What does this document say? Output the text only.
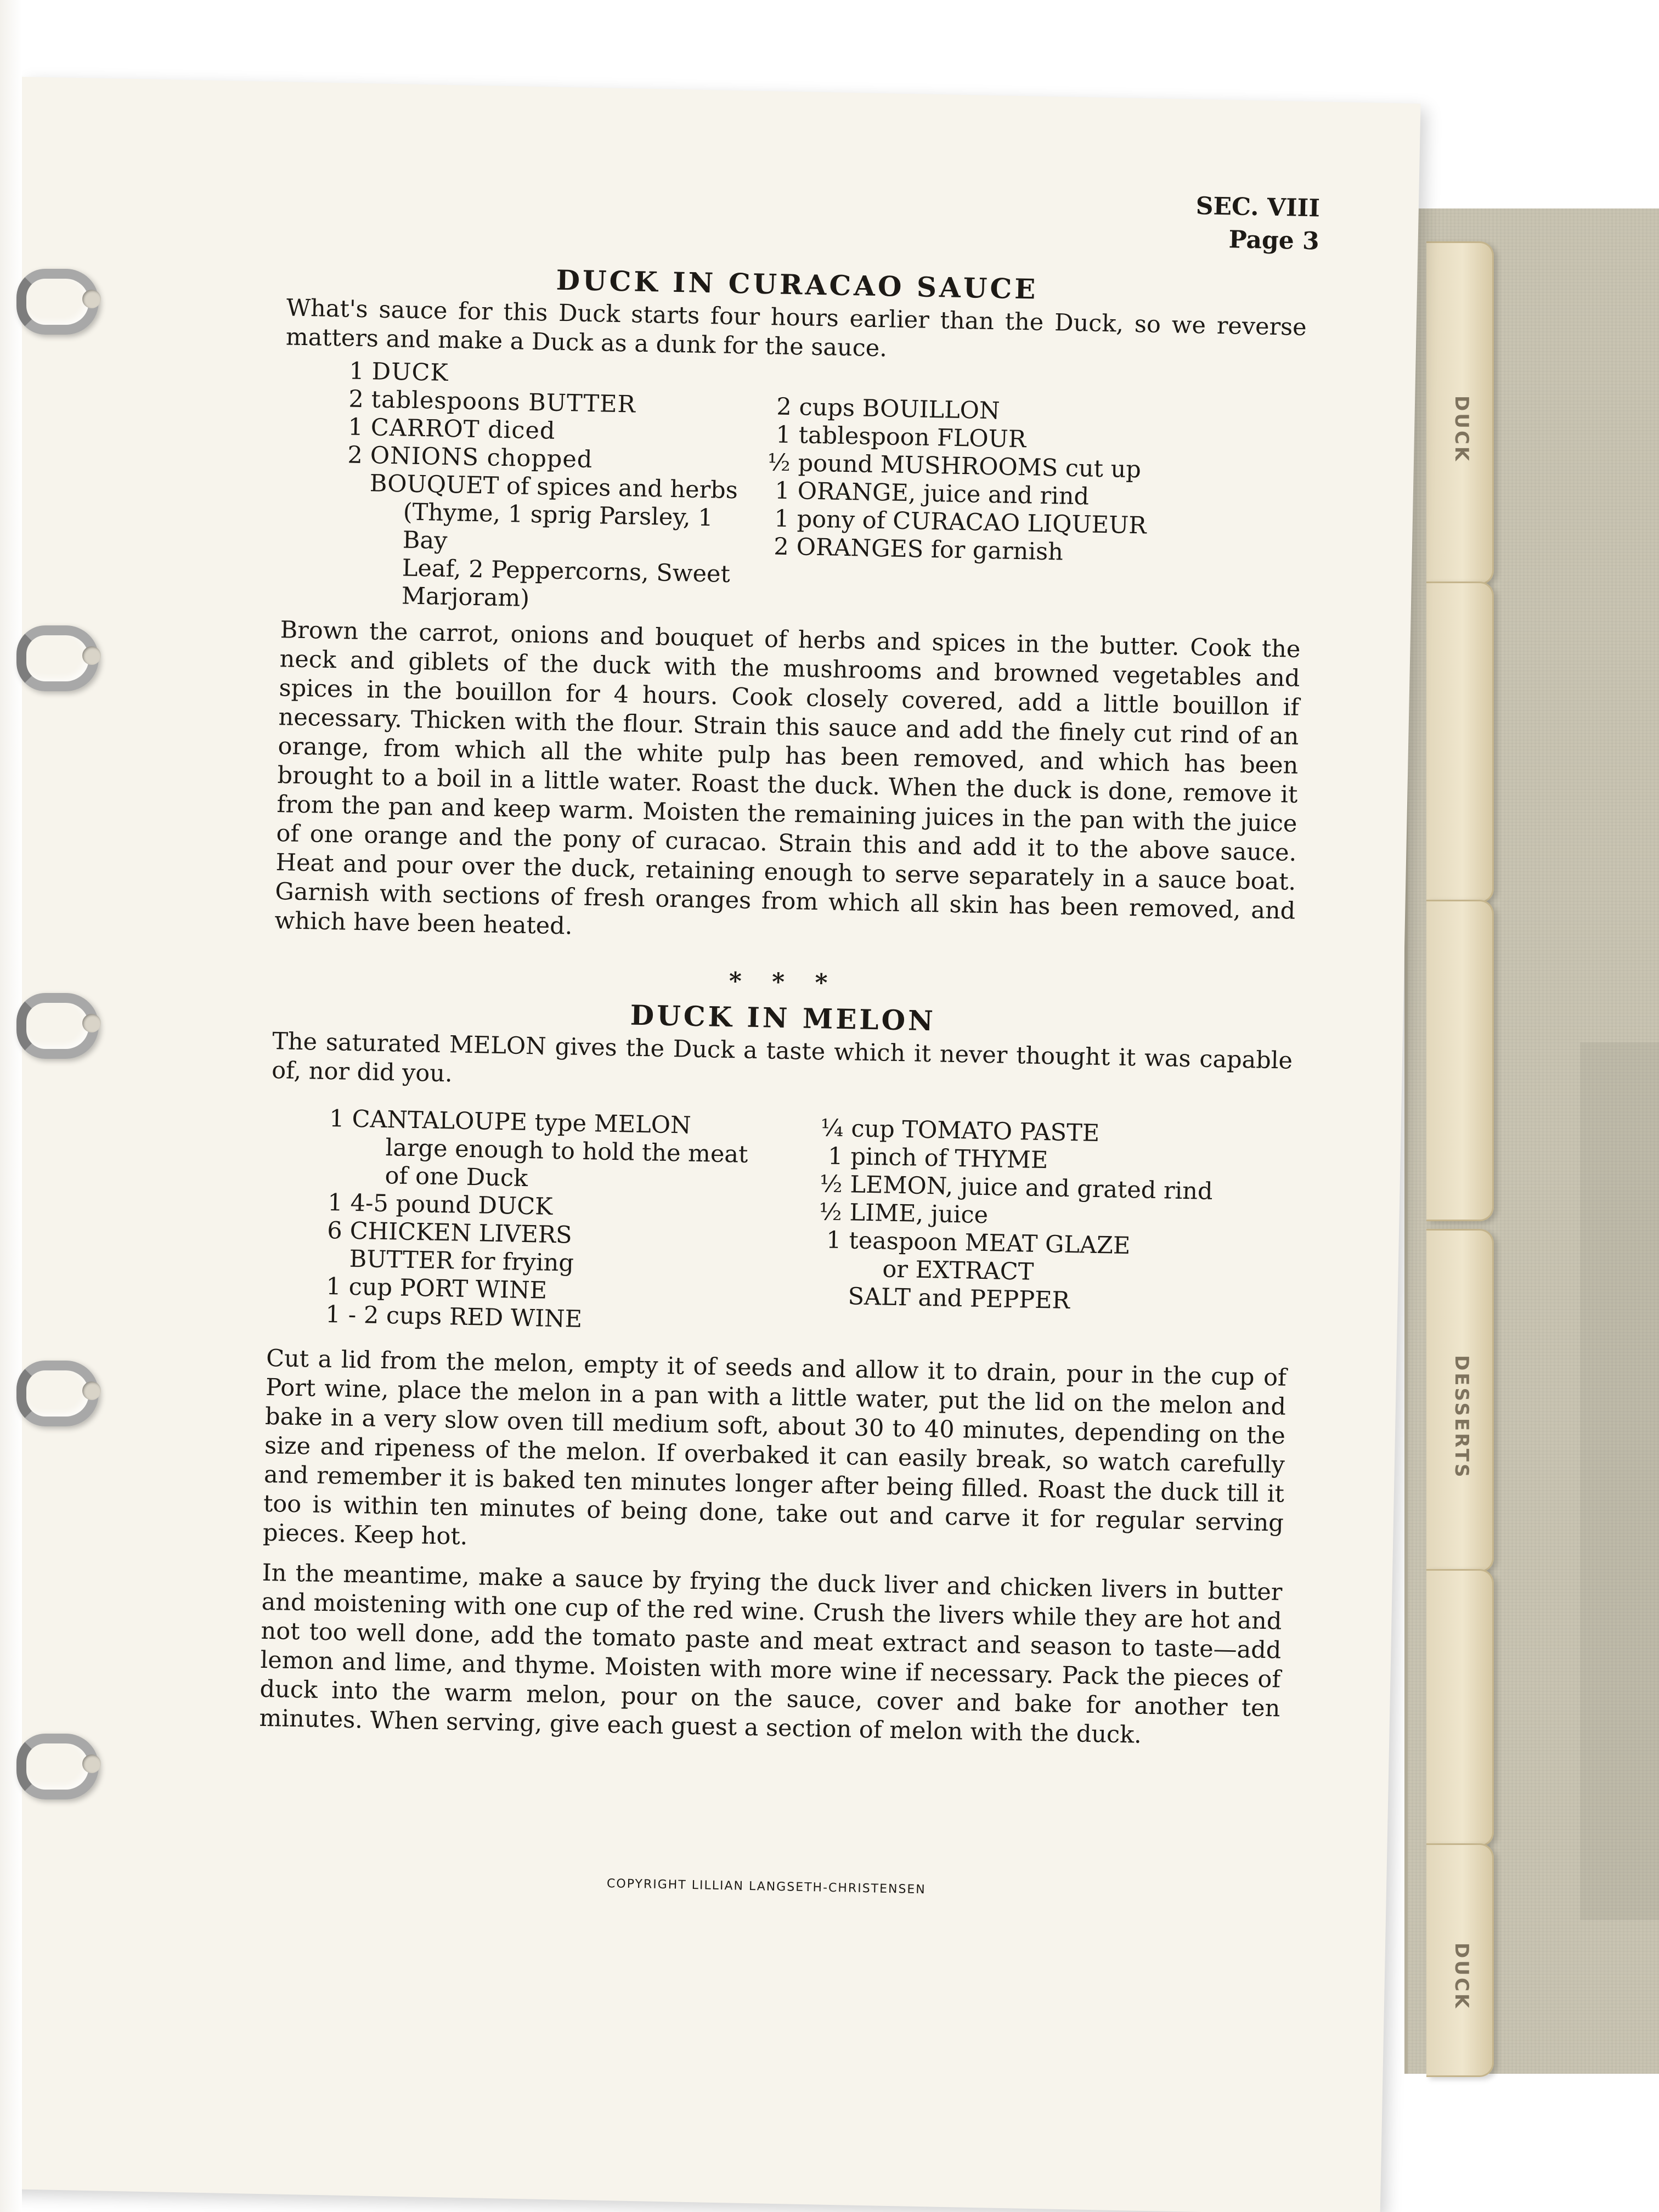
DUCK
DESSERTS
DUCK
SEC. VIII
Page 3
DUCK IN CURACAO SAUCE

What's sauce for this Duck starts four hours earlier than the Duck, so we reverse matters and make a Duck as a dunk for the sauce.

1 DUCK
2 tablespoons BUTTER
1 CARROT diced
2 ONIONS chopped
BOUQUET of spices and herbs
(Thyme, 1 sprig Parsley, 1 Bay
Leaf, 2 Peppercorns, Sweet
Marjoram)
2 cups BOUILLON
1 tablespoon FLOUR
½ pound MUSHROOMS cut up
1 ORANGE, juice and rind
1 pony of CURACAO LIQUEUR
2 ORANGES for garnish

Brown the carrot, onions and bouquet of herbs and spices in the butter. Cook the neck and giblets of the duck with the mushrooms and browned vegetables and spices in the bouillon for 4 hours. Cook closely covered, add a little bouillon if necessary. Thicken with the flour. Strain this sauce and add the finely cut rind of an orange, from which all the white pulp has been removed, and which has been brought to a boil in a little water. Roast the duck. When the duck is done, remove it from the pan and keep warm. Moisten the remaining juices in the pan with the juice of one orange and the pony of curacao. Strain this and add it to the above sauce. Heat and pour over the duck, retaining enough to serve separately in a sauce boat. Garnish with sections of fresh oranges from which all skin has been removed, and which have been heated.

* * *
DUCK IN MELON

The saturated MELON gives the Duck a taste which it never thought it was capable of, nor did you.

1 CANTALOUPE type MELON
large enough to hold the meat
of one Duck
1 4-5 pound DUCK
6 CHICKEN LIVERS
BUTTER for frying
1 cup PORT WINE
1 - 2 cups RED WINE
¼ cup TOMATO PASTE
1 pinch of THYME
½ LEMON, juice and grated rind
½ LIME, juice
1 teaspoon MEAT GLAZE
or EXTRACT
SALT and PEPPER

Cut a lid from the melon, empty it of seeds and allow it to drain, pour in the cup of Port wine, place the melon in a pan with a little water, put the lid on the melon and bake in a very slow oven till medium soft, about 30 to 40 minutes, depending on the size and ripeness of the melon. If overbaked it can easily break, so watch carefully and remember it is baked ten minutes longer after being filled. Roast the duck till it too is within ten minutes of being done, take out and carve it for regular serving pieces. Keep hot.

In the meantime, make a sauce by frying the duck liver and chicken livers in butter and moistening with one cup of the red wine. Crush the livers while they are hot and not too well done, add the tomato paste and meat extract and season to taste—add lemon and lime, and thyme. Moisten with more wine if necessary. Pack the pieces of duck into the warm melon, pour on the sauce, cover and bake for another ten minutes. When serving, give each guest a section of melon with the duck.

COPYRIGHT LILLIAN LANGSETH-CHRISTENSEN
